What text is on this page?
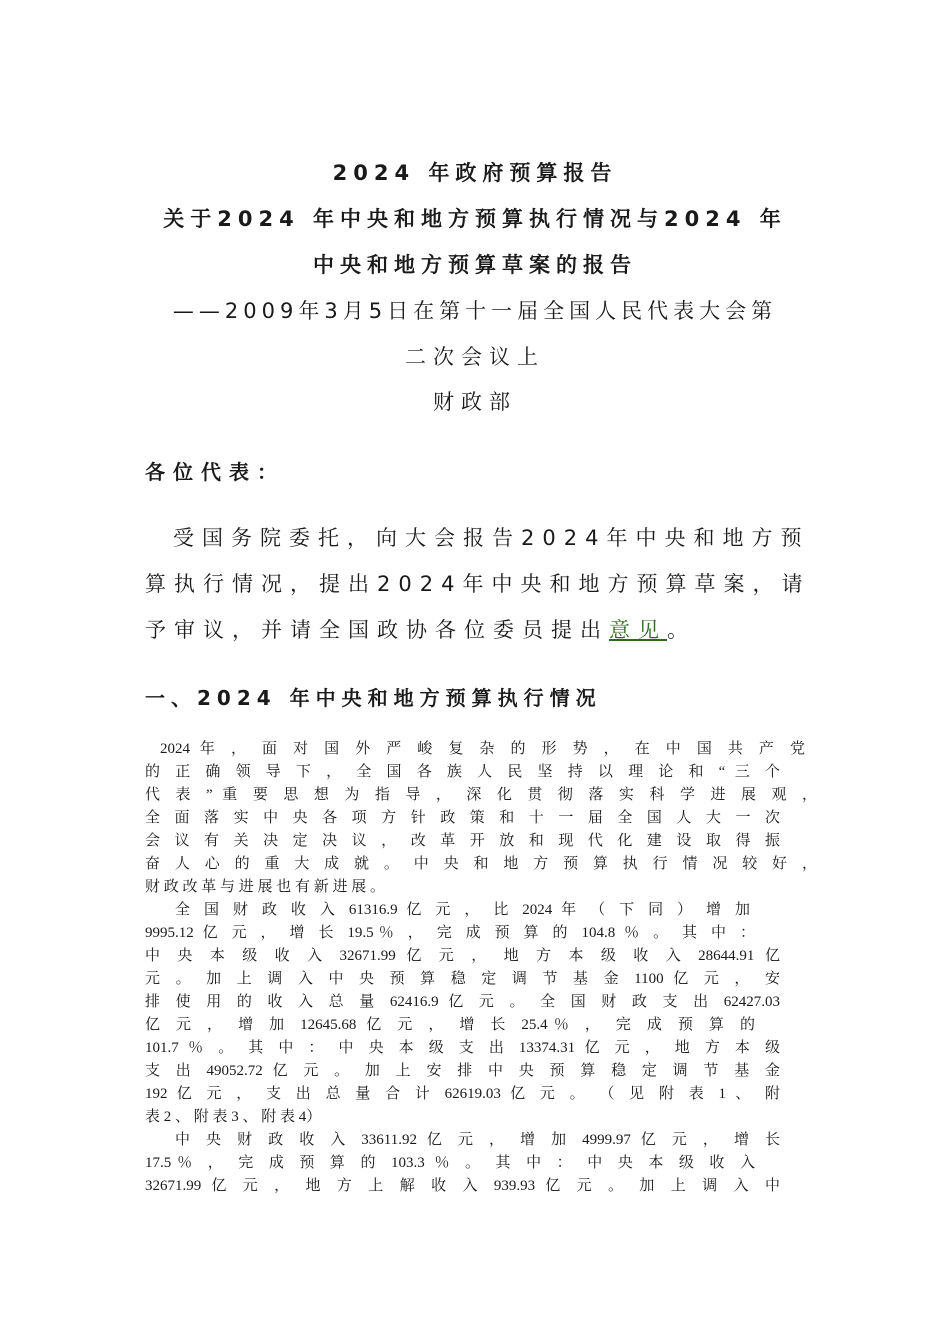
2024 年政府预算报告
关于2024 年中央和地方预算执行情况与2024 年
中央和地方预算草案的报告
——2009年3月5日在第十一届全国人民代表大会第
二次会议上
财政部
各位代表：
受国务院委托，向大会报告2024年中央和地方预
算执行情况，提出2024年中央和地方预算草案，请
予审议，并请全国政协各位委员提出意见。
一、2024 年中央和地方预算执行情况
2024 年 ， 面 对 国 外 严 峻 复 杂 的 形 势 ， 在 中 国 共 产 党
的 正 确 领 导 下 ， 全 国 各 族 人 民 坚 持 以 理 论 和 “ 三 个
代 表 ” 重 要 思 想 为 指 导 ， 深 化 贯 彻 落 实 科 学 进 展 观 ，
全 面 落 实 中 央 各 项 方 针 政 策 和 十 一 届 全 国 人 大 一 次
会 议 有 关 决 定 决 议 ， 改 革 开 放 和 现 代 化 建 设 取 得 振
奋 人 心 的 重 大 成 就 。 中 央 和 地 方 预 算 执 行 情 况 较 好 ，
财 政 改 革 与 进 展 也 有 新 进 展 。
全 国 财 政 收 入 61316.9 亿 元 ， 比 2024 年 （ 下 同 ） 增 加
9995.12 亿 元 ， 增 长 19.5％ ， 完 成 预 算 的 104.8 ％ 。 其 中 ：
中 央 本 级 收 入 32671.99 亿 元 ， 地 方 本 级 收 入 28644.91 亿
元 。 加 上 调 入 中 央 预 算 稳 定 调 节 基 金 1100 亿 元 ， 安
排 使 用 的 收 入 总 量 62416.9 亿 元 。 全 国 财 政 支 出 62427.03
亿 元 ， 增 加 12645.68 亿 元 ， 增 长 25.4％ ， 完 成 预 算 的
101.7 ％ 。 其 中 ： 中 央 本 级 支 出 13374.31 亿 元 ， 地 方 本 级
支 出 49052.72 亿 元 。 加 上 安 排 中 央 预 算 稳 定 调 节 基 金
192 亿 元 ， 支 出 总 量 合 计 62619.03 亿 元 。 （ 见 附 表 1 、 附
表 2 、 附 表 3 、 附 表 4）
中 央 财 政 收 入 33611.92 亿 元 ， 增 加 4999.97 亿 元 ， 增 长
17.5％ ， 完 成 预 算 的 103.3 ％ 。 其 中 ： 中 央 本 级 收 入
32671.99 亿 元 ， 地 方 上 解 收 入 939.93 亿 元 。 加 上 调 入 中
